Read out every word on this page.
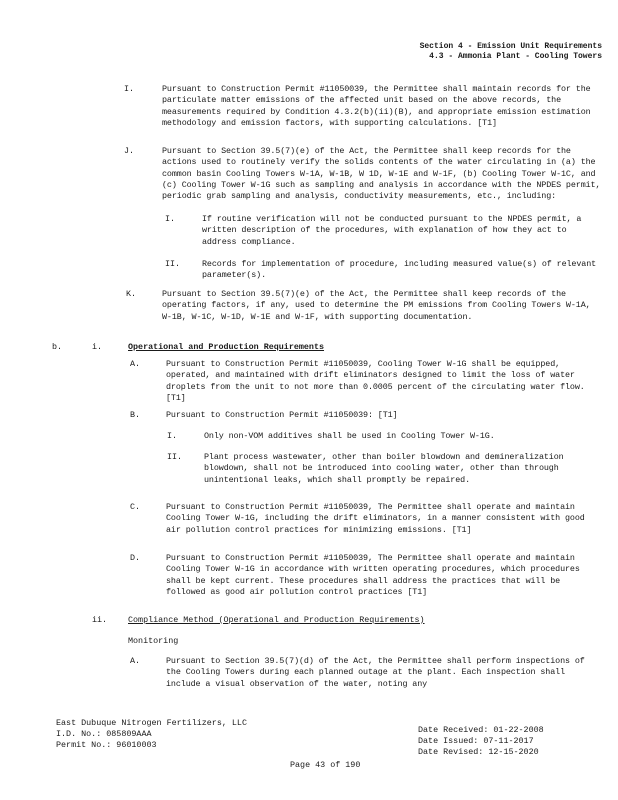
Section 4 - Emission Unit Requirements
4.3 - Ammonia Plant - Cooling Towers
I.	Pursuant to Construction Permit #11050039, the Permittee shall maintain records for the particulate matter emissions of the affected unit based on the above records, the measurements required by Condition 4.3.2(b)(ii)(B), and appropriate emission estimation methodology and emission factors, with supporting calculations. [T1]
J.	Pursuant to Section 39.5(7)(e) of the Act, the Permittee shall keep records for the actions used to routinely verify the solids contents of the water circulating in (a) the common basin Cooling Towers W-1A, W-1B, W 1D, W-1E and W-1F, (b) Cooling Tower W-1C, and (c) Cooling Tower W-1G such as sampling and analysis in accordance with the NPDES permit, periodic grab sampling and analysis, conductivity measurements, etc., including:
I.	If routine verification will not be conducted pursuant to the NPDES permit, a written description of the procedures, with explanation of how they act to address compliance.
II.	Records for implementation of procedure, including measured value(s) of relevant parameter(s).
K.	Pursuant to Section 39.5(7)(e) of the Act, the Permittee shall keep records of the operating factors, if any, used to determine the PM emissions from Cooling Towers W-1A, W-1B, W-1C, W-1D, W-1E and W-1F, with supporting documentation.
b.	i.	Operational and Production Requirements
A.	Pursuant to Construction Permit #11050039, Cooling Tower W-1G shall be equipped, operated, and maintained with drift eliminators designed to limit the loss of water droplets from the unit to not more than 0.0005 percent of the circulating water flow. [T1]
B.	Pursuant to Construction Permit #11050039: [T1]
I.	Only non-VOM additives shall be used in Cooling Tower W-1G.
II.	Plant process wastewater, other than boiler blowdown and demineralization blowdown, shall not be introduced into cooling water, other than through unintentional leaks, which shall promptly be repaired.
C.	Pursuant to Construction Permit #11050039, The Permittee shall operate and maintain Cooling Tower W-1G, including the drift eliminators, in a manner consistent with good air pollution control practices for minimizing emissions. [T1]
D.	Pursuant to Construction Permit #11050039, The Permittee shall operate and maintain Cooling Tower W-1G in accordance with written operating procedures, which procedures shall be kept current. These procedures shall address the practices that will be followed as good air pollution control practices [T1]
ii. Compliance Method (Operational and Production Requirements)
Monitoring
A.	Pursuant to Section 39.5(7)(d) of the Act, the Permittee shall perform inspections of the Cooling Towers during each planned outage at the plant. Each inspection shall include a visual observation of the water, noting any
East Dubuque Nitrogen Fertilizers, LLC
I.D. No.: 085809AAA
Permit No.: 96010003
Date Received: 01-22-2008
Date Issued: 07-11-2017
Date Revised: 12-15-2020
Page 43 of 190
